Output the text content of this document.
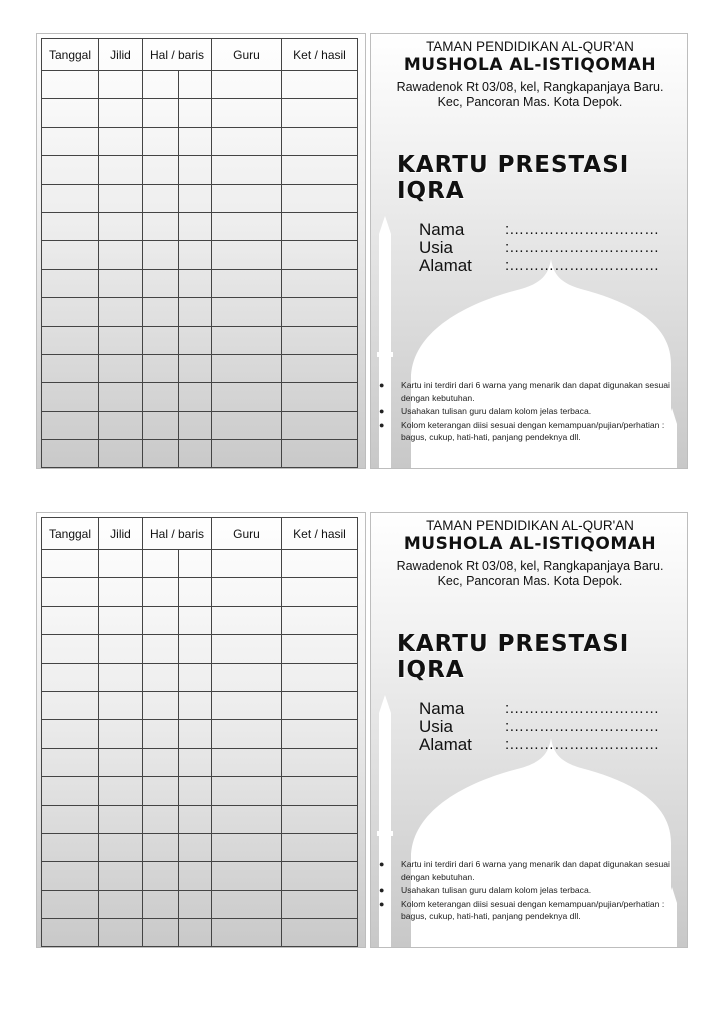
Tanggal	Jilid	Hal / baris		Guru	Ket / hasil

TAMAN PENDIDIKAN AL-QUR'AN
MUSHOLA AL-ISTIQOMAH
Rawadenok Rt 03/08, kel, Rangkapanjaya Baru.
Kec, Pancoran Mas. Kota Depok.
KARTU PRESTASI IQRA
Nama	:…………………………
Usia	:…………………………
Alamat :…………………………
● Kartu ini terdiri dari 6 warna yang menarik dan dapat digunakan sesuai dengan kebutuhan.
● Usahakan tulisan guru dalam kolom jelas terbaca.
● Kolom keterangan diisi sesuai dengan kemampuan/pujian/perhatian : bagus, cukup, hati-hati, panjang pendeknya dll.
Tanggal	Jilid	Hal / baris		Guru	Ket / hasil

TAMAN PENDIDIKAN AL-QUR'AN
MUSHOLA AL-ISTIQOMAH
Rawadenok Rt 03/08, kel, Rangkapanjaya Baru.
Kec, Pancoran Mas. Kota Depok.
KARTU PRESTASI IQRA
Nama	:…………………………
Usia	:…………………………
Alamat :…………………………
● Kartu ini terdiri dari 6 warna yang menarik dan dapat digunakan sesuai dengan kebutuhan.
● Usahakan tulisan guru dalam kolom jelas terbaca.
● Kolom keterangan diisi sesuai dengan kemampuan/pujian/perhatian : bagus, cukup, hati-hati, panjang pendeknya dll.
